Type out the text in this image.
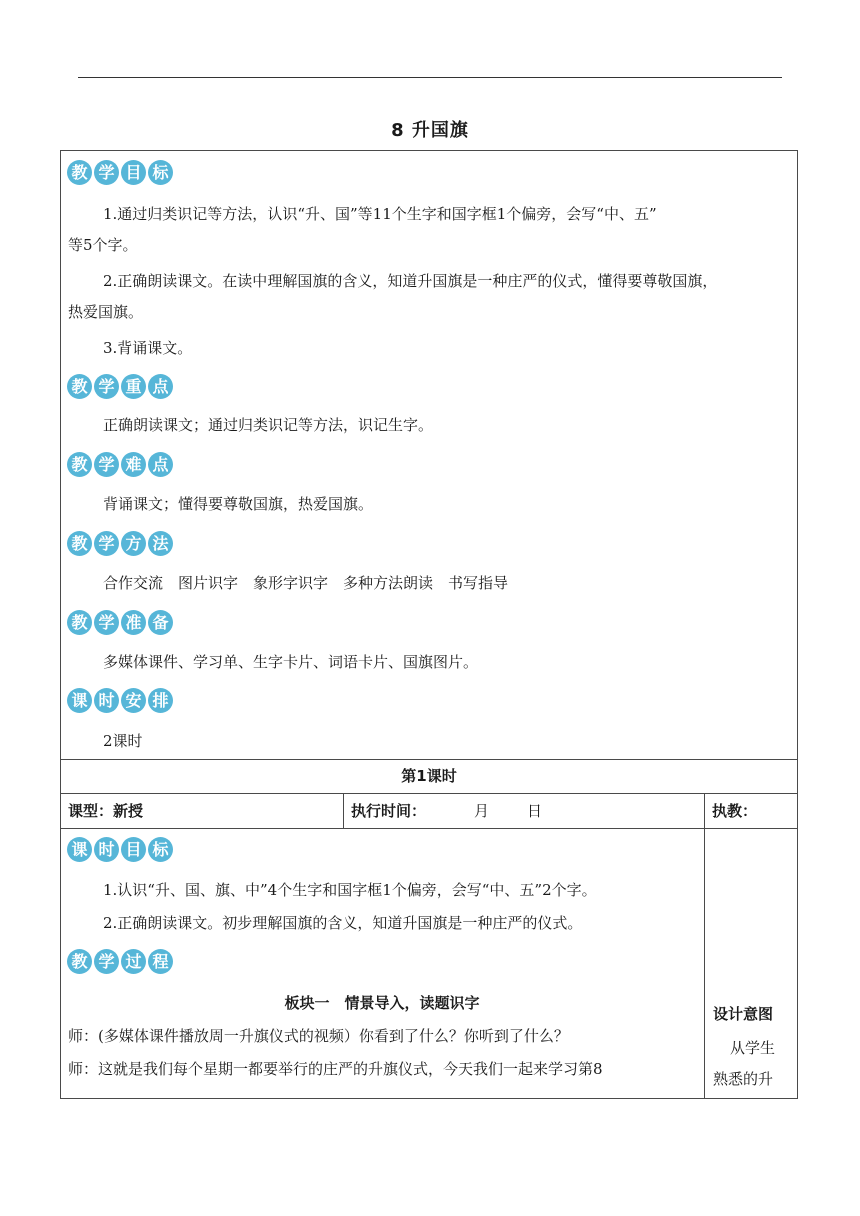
8 升国旗
教 学 目 标
1.通过归类识记等方法，认识“升、国”等11个生字和国字框1个偏旁，会写“中、五”
等5个字。
2.正确朗读课文。在读中理解国旗的含义，知道升国旗是一种庄严的仪式，懂得要尊敬国旗，
热爱国旗。
3.背诵课文。
教 学 重 点
正确朗读课文；通过归类识记等方法，识记生字。
教 学 难 点
背诵课文；懂得要尊敬国旗，热爱国旗。
教 学 方 法
合作交流　图片识字　象形字识字　多种方法朗读　书写指导
教 学 准 备
多媒体课件、学习单、生字卡片、词语卡片、国旗图片。
课 时 安 排
2课时
第1课时
课型：新授	执行时间：	月	日	执教：
课 时 目 标
1.认识“升、国、旗、中”4个生字和国字框1个偏旁，会写“中、五”2个字。
2.正确朗读课文。初步理解国旗的含义，知道升国旗是一种庄严的仪式。
教 学 过 程
板块一　情景导入，读题识字
师：(多媒体课件播放周一升旗仪式的视频）你看到了什么？你听到了什么？
师：这就是我们每个星期一都要举行的庄严的升旗仪式，今天我们一起来学习第8
设计意图
从学生
熟悉的升
